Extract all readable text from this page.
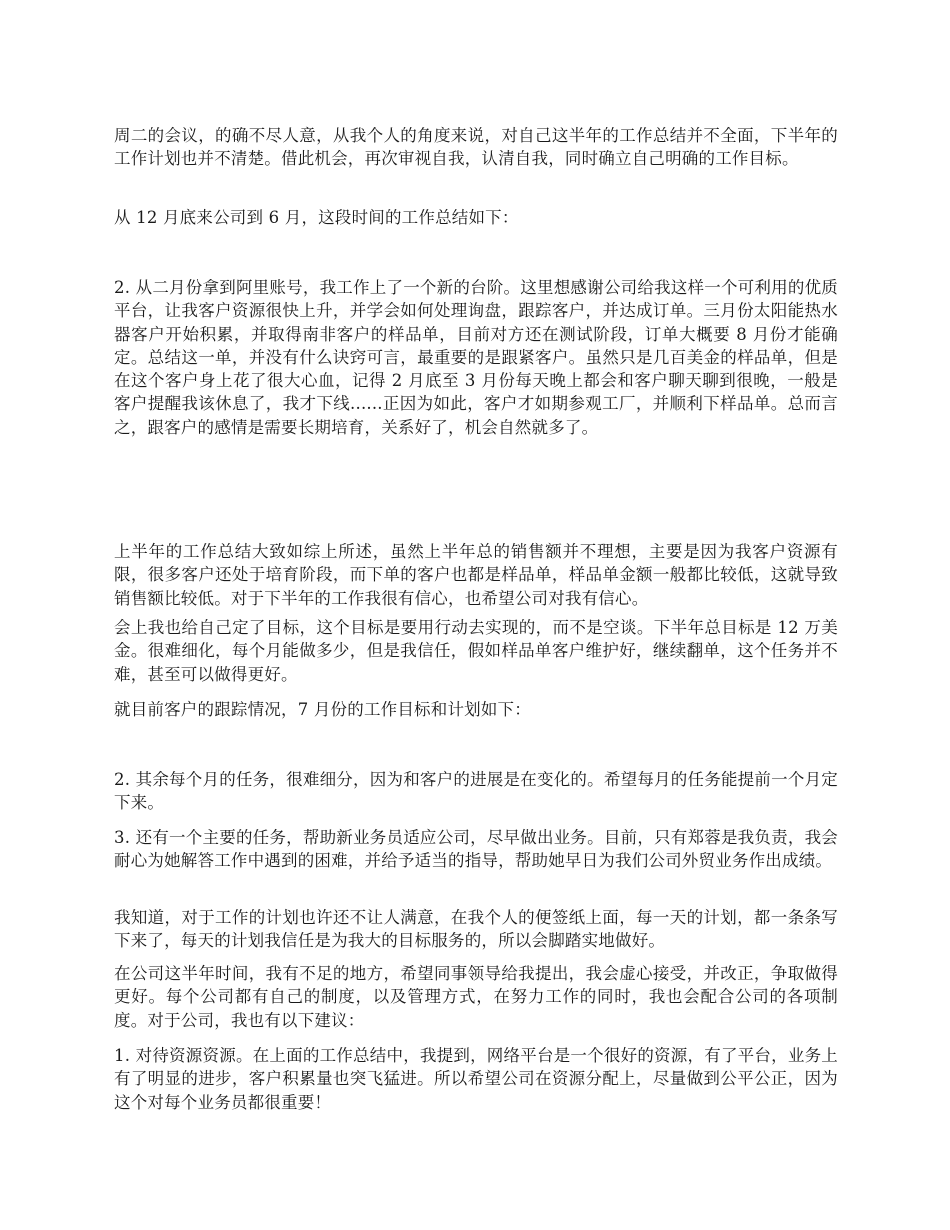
周二的会议，的确不尽人意，从我个人的角度来说，对自己这半年的工作总结并不全面，下半年的工作计划也并不清楚。借此机会，再次审视自我，认清自我，同时确立自己明确的工作目标。

从 12 月底来公司到 6 月，这段时间的工作总结如下：

2. 从二月份拿到阿里账号，我工作上了一个新的台阶。这里想感谢公司给我这样一个可利用的优质平台，让我客户资源很快上升，并学会如何处理询盘，跟踪客户，并达成订单。三月份太阳能热水器客户开始积累，并取得南非客户的样品单，目前对方还在测试阶段，订单大概要 8 月份才能确定。总结这一单，并没有什么诀窍可言，最重要的是跟紧客户。虽然只是几百美金的样品单，但是在这个客户身上花了很大心血，记得 2 月底至 3 月份每天晚上都会和客户聊天聊到很晚，一般是客户提醒我该休息了，我才下线......正因为如此，客户才如期参观工厂，并顺利下样品单。总而言之，跟客户的感情是需要长期培育，关系好了，机会自然就多了。

上半年的工作总结大致如综上所述，虽然上半年总的销售额并不理想，主要是因为我客户资源有限，很多客户还处于培育阶段，而下单的客户也都是样品单，样品单金额一般都比较低，这就导致销售额比较低。对于下半年的工作我很有信心，也希望公司对我有信心。

会上我也给自己定了目标，这个目标是要用行动去实现的，而不是空谈。下半年总目标是 12 万美金。很难细化，每个月能做多少，但是我信任，假如样品单客户维护好，继续翻单，这个任务并不难，甚至可以做得更好。

就目前客户的跟踪情况，7 月份的工作目标和计划如下：

2. 其余每个月的任务，很难细分，因为和客户的进展是在变化的。希望每月的任务能提前一个月定下来。

3. 还有一个主要的任务，帮助新业务员适应公司，尽早做出业务。目前，只有郑蓉是我负责，我会耐心为她解答工作中遇到的困难，并给予适当的指导，帮助她早日为我们公司外贸业务作出成绩。

我知道，对于工作的计划也许还不让人满意，在我个人的便签纸上面，每一天的计划，都一条条写下来了，每天的计划我信任是为我大的目标服务的，所以会脚踏实地做好。

在公司这半年时间，我有不足的地方，希望同事领导给我提出，我会虚心接受，并改正，争取做得更好。每个公司都有自己的制度，以及管理方式，在努力工作的同时，我也会配合公司的各项制度。对于公司，我也有以下建议：

1. 对待资源资源。在上面的工作总结中，我提到，网络平台是一个很好的资源，有了平台，业务上有了明显的进步，客户积累量也突飞猛进。所以希望公司在资源分配上，尽量做到公平公正，因为这个对每个业务员都很重要！
